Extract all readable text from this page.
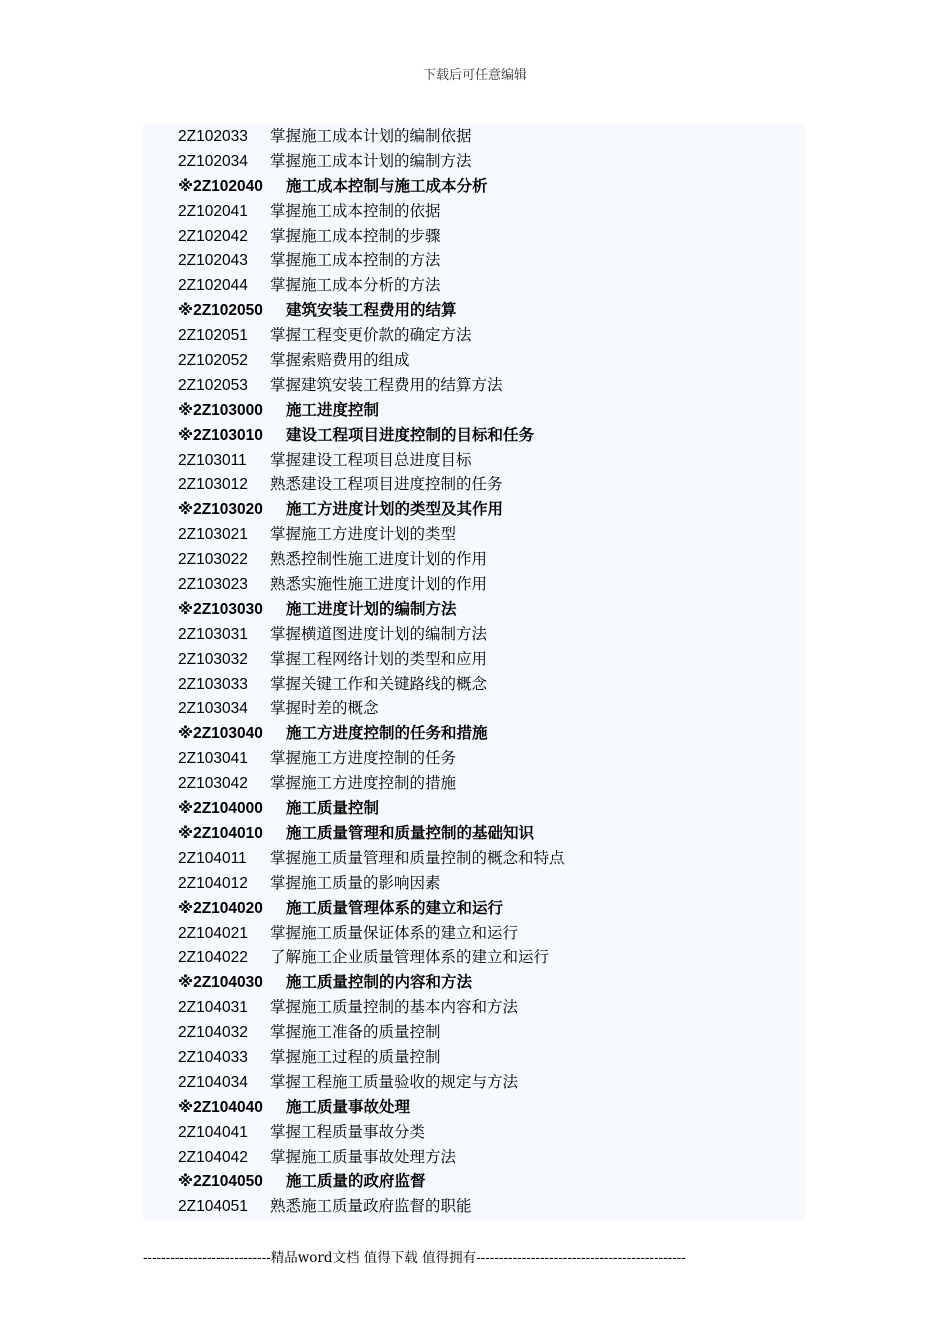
下载后可任意编辑
2Z102033 掌握施工成本计划的编制依据
2Z102034 掌握施工成本计划的编制方法
※2Z102040 施工成本控制与施工成本分析
2Z102041 掌握施工成本控制的依据
2Z102042 掌握施工成本控制的步骤
2Z102043 掌握施工成本控制的方法
2Z102044 掌握施工成本分析的方法
※2Z102050 建筑安装工程费用的结算
2Z102051 掌握工程变更价款的确定方法
2Z102052 掌握索赔费用的组成
2Z102053 掌握建筑安装工程费用的结算方法
※2Z103000 施工进度控制
※2Z103010 建设工程项目进度控制的目标和任务
2Z103011 掌握建设工程项目总进度目标
2Z103012 熟悉建设工程项目进度控制的任务
※2Z103020 施工方进度计划的类型及其作用
2Z103021 掌握施工方进度计划的类型
2Z103022 熟悉控制性施工进度计划的作用
2Z103023 熟悉实施性施工进度计划的作用
※2Z103030 施工进度计划的编制方法
2Z103031 掌握横道图进度计划的编制方法
2Z103032 掌握工程网络计划的类型和应用
2Z103033 掌握关键工作和关键路线的概念
2Z103034 掌握时差的概念
※2Z103040 施工方进度控制的任务和措施
2Z103041 掌握施工方进度控制的任务
2Z103042 掌握施工方进度控制的措施
※2Z104000 施工质量控制
※2Z104010 施工质量管理和质量控制的基础知识
2Z104011 掌握施工质量管理和质量控制的概念和特点
2Z104012 掌握施工质量的影响因素
※2Z104020 施工质量管理体系的建立和运行
2Z104021 掌握施工质量保证体系的建立和运行
2Z104022 了解施工企业质量管理体系的建立和运行
※2Z104030 施工质量控制的内容和方法
2Z104031 掌握施工质量控制的基本内容和方法
2Z104032 掌握施工准备的质量控制
2Z104033 掌握施工过程的质量控制
2Z104034 掌握工程施工质量验收的规定与方法
※2Z104040 施工质量事故处理
2Z104041 掌握工程质量事故分类
2Z104042 掌握施工质量事故处理方法
※2Z104050 施工质量的政府监督
2Z104051 熟悉施工质量政府监督的职能
----------------------------精品word文档 值得下载 值得拥有----------------------------------------------
